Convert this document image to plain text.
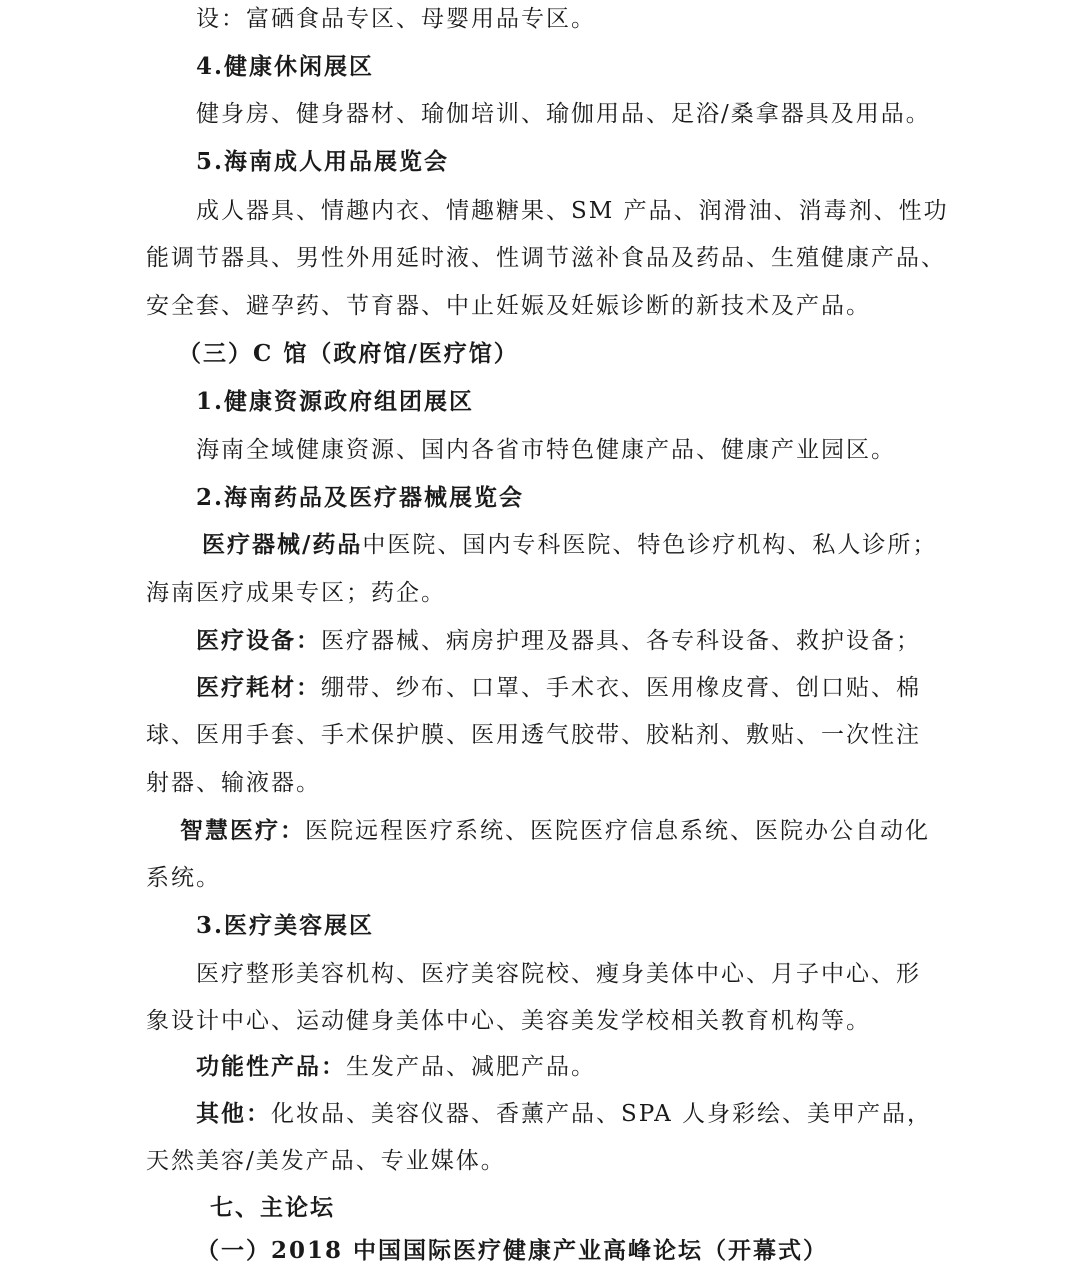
设：富硒食品专区、母婴用品专区。
4.健康休闲展区
健身房、健身器材、瑜伽培训、瑜伽用品、足浴/桑拿器具及用品。
5.海南成人用品展览会
成人器具、情趣内衣、情趣糖果、SM 产品、润滑油、消毒剂、性功
能调节器具、男性外用延时液、性调节滋补食品及药品、生殖健康产品、
安全套、避孕药、节育器、中止妊娠及妊娠诊断的新技术及产品。
（三）C 馆（政府馆/医疗馆）
1.健康资源政府组团展区
海南全域健康资源、国内各省市特色健康产品、健康产业园区。
2.海南药品及医疗器械展览会
医疗器械/药品中医院、国内专科医院、特色诊疗机构、私人诊所；
海南医疗成果专区；药企。
医疗设备：医疗器械、病房护理及器具、各专科设备、救护设备；
医疗耗材：绷带、纱布、口罩、手术衣、医用橡皮膏、创口贴、棉
球、医用手套、手术保护膜、医用透气胶带、胶粘剂、敷贴、一次性注
射器、输液器。
智慧医疗：医院远程医疗系统、医院医疗信息系统、医院办公自动化
系统。
3.医疗美容展区
医疗整形美容机构、医疗美容院校、瘦身美体中心、月子中心、形
象设计中心、运动健身美体中心、美容美发学校相关教育机构等。
功能性产品：生发产品、减肥产品。
其他：化妆品、美容仪器、香薰产品、SPA 人身彩绘、美甲产品，
天然美容/美发产品、专业媒体。
七、主论坛
（一）2018 中国国际医疗健康产业高峰论坛（开幕式）
